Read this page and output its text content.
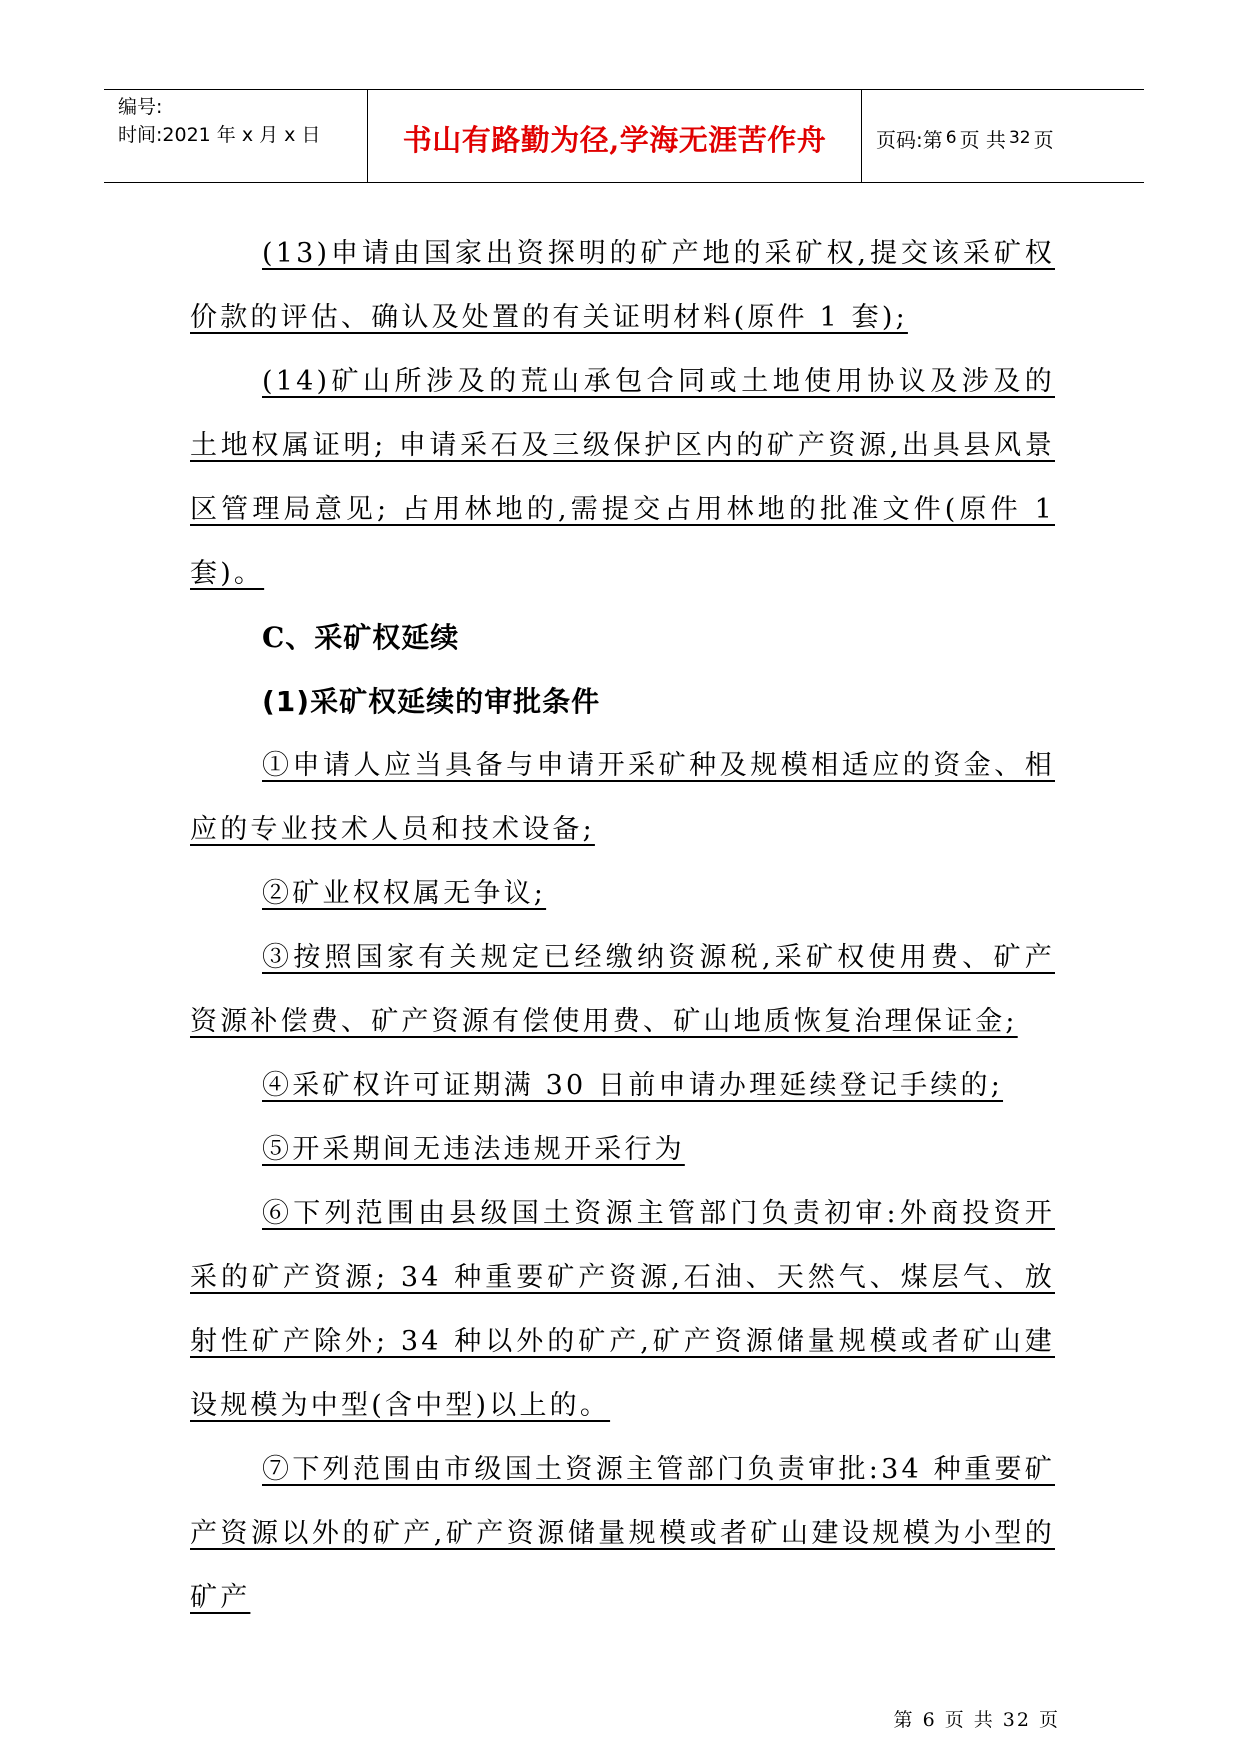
编号:
时间:2021 年 x 月 x 日	书山有路勤为径,学海无涯苦作舟 页码:第 6 页 共 32 页

(13)申请由国家出资探明的矿产地的采矿权,提交该采矿权价款的评估、确认及处置的有关证明材料(原件 1 套);

(14)矿山所涉及的荒山承包合同或土地使用协议及涉及的土地权属证明; 申请采石及三级保护区内的矿产资源,出具县风景区管理局意见; 占用林地的,需提交占用林地的批准文件(原件 1 套)。

C、采矿权延续

(1)采矿权延续的审批条件

①申请人应当具备与申请开采矿种及规模相适应的资金、相应的专业技术人员和技术设备;

②矿业权权属无争议;

③按照国家有关规定已经缴纳资源税,采矿权使用费、矿产资源补偿费、矿产资源有偿使用费、矿山地质恢复治理保证金;

④采矿权许可证期满 30 日前申请办理延续登记手续的;

⑤开采期间无违法违规开采行为

⑥下列范围由县级国土资源主管部门负责初审:外商投资开采的矿产资源; 34 种重要矿产资源,石油、天然气、煤层气、放射性矿产除外; 34 种以外的矿产,矿产资源储量规模或者矿山建设规模为中型(含中型)以上的。

⑦下列范围由市级国土资源主管部门负责审批:34 种重要矿产资源以外的矿产,矿产资源储量规模或者矿山建设规模为小型的矿产

第 6 页 共 32 页
